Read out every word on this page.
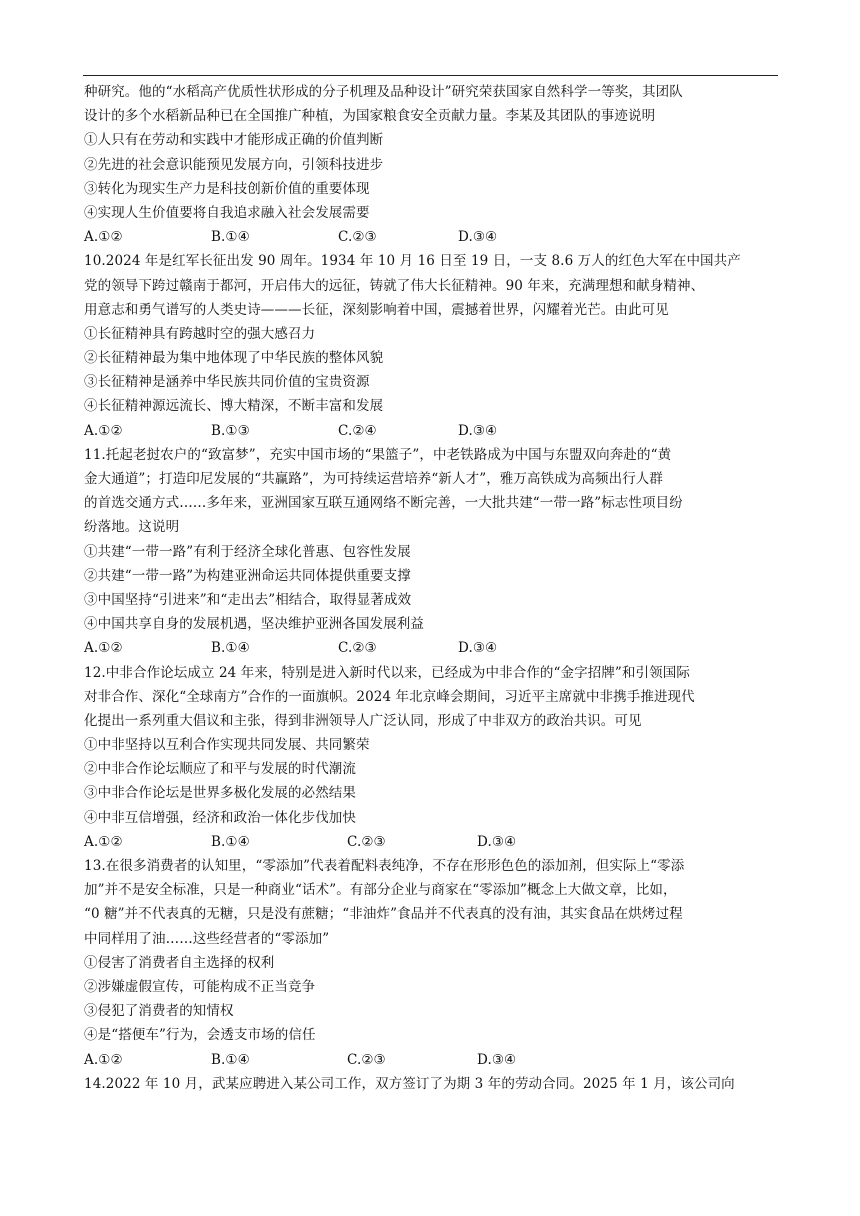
种研究。他的“水稻高产优质性状形成的分子机理及品种设计”研究荣获国家自然科学一等奖，其团队
设计的多个水稻新品种已在全国推广种植，为国家粮食安全贡献力量。李某及其团队的事迹说明
①人只有在劳动和实践中才能形成正确的价值判断
②先进的社会意识能预见发展方向，引领科技进步
③转化为现实生产力是科技创新价值的重要体现
④实现人生价值要将自我追求融入社会发展需要
A.①②	B.①④	C.②③	D.③④
10.2024 年是红军长征出发 90 周年。1934 年 10 月 16 日至 19 日，一支 8.6 万人的红色大军在中国共产
党的领导下跨过赣南于都河，开启伟大的远征，铸就了伟大长征精神。90 年来，充满理想和献身精神、
用意志和勇气谱写的人类史诗———长征，深刻影响着中国，震撼着世界，闪耀着光芒。由此可见
①长征精神具有跨越时空的强大感召力
②长征精神最为集中地体现了中华民族的整体风貌
③长征精神是涵养中华民族共同价值的宝贵资源
④长征精神源远流长、博大精深，不断丰富和发展
A.①②	B.①③	C.②④	D.③④
11.托起老挝农户的“致富梦”，充实中国市场的“果篮子”，中老铁路成为中国与东盟双向奔赴的“黄
金大通道”；打造印尼发展的“共赢路”，为可持续运营培养“新人才”，雅万高铁成为高频出行人群
的首选交通方式……多年来，亚洲国家互联互通网络不断完善，一大批共建“一带一路”标志性项目纷
纷落地。这说明
①共建“一带一路”有利于经济全球化普惠、包容性发展
②共建“一带一路”为构建亚洲命运共同体提供重要支撑
③中国坚持“引进来”和“走出去”相结合，取得显著成效
④中国共享自身的发展机遇，坚决维护亚洲各国发展利益
A.①②	B.①④	C.②③	D.③④
12.中非合作论坛成立 24 年来，特别是进入新时代以来，已经成为中非合作的“金字招牌”和引领国际
对非合作、深化“全球南方”合作的一面旗帜。2024 年北京峰会期间，习近平主席就中非携手推进现代
化提出一系列重大倡议和主张，得到非洲领导人广泛认同，形成了中非双方的政治共识。可见
①中非坚持以互利合作实现共同发展、共同繁荣
②中非合作论坛顺应了和平与发展的时代潮流
③中非合作论坛是世界多极化发展的必然结果
④中非互信增强，经济和政治一体化步伐加快
A.①②	B.①④	C.②③	D.③④
13.在很多消费者的认知里，“零添加”代表着配料表纯净，不存在形形色色的添加剂，但实际上“零添
加”并不是安全标准，只是一种商业“话术”。有部分企业与商家在“零添加”概念上大做文章，比如，
“0 糖”并不代表真的无糖，只是没有蔗糖；“非油炸”食品并不代表真的没有油，其实食品在烘烤过程
中同样用了油……这些经营者的“零添加”
①侵害了消费者自主选择的权利
②涉嫌虚假宣传，可能构成不正当竞争
③侵犯了消费者的知情权
④是“搭便车”行为，会透支市场的信任
A.①②	B.①④	C.②③	D.③④
14.2022 年 10 月，武某应聘进入某公司工作，双方签订了为期 3 年的劳动合同。2025 年 1 月，该公司向
